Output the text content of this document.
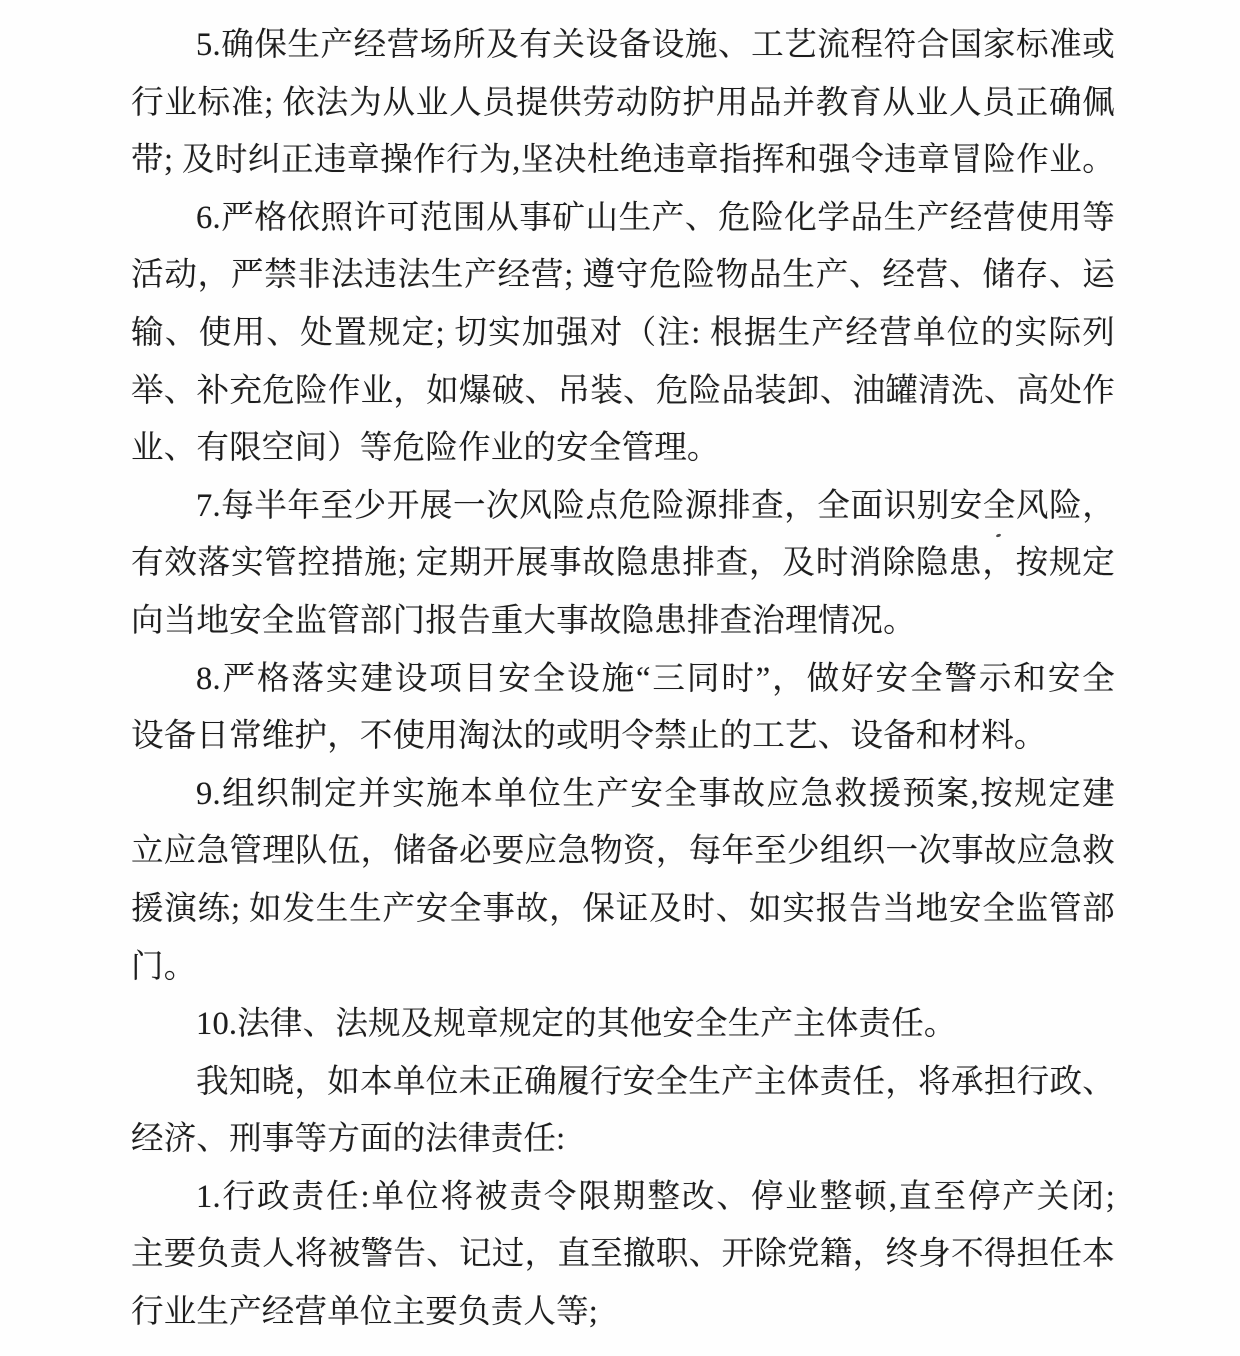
5.确保生产经营场所及有关设备设施、工艺流程符合国家标准或
行业标准; 依法为从业人员提供劳动防护用品并教育从业人员正确佩
带; 及时纠正违章操作行为,坚决杜绝违章指挥和强令违章冒险作业。
6.严格依照许可范围从事矿山生产、危险化学品生产经营使用等
活动，严禁非法违法生产经营; 遵守危险物品生产、经营、储存、运
输、使用、处置规定; 切实加强对（注: 根据生产经营单位的实际列
举、补充危险作业，如爆破、吊装、危险品装卸、油罐清洗、高处作
业、有限空间）等危险作业的安全管理。
7.每半年至少开展一次风险点危险源排查，全面识别安全风险，
有效落实管控措施; 定期开展事故隐患排查，及时消除隐患，按规定
向当地安全监管部门报告重大事故隐患排查治理情况。
8.严格落实建设项目安全设施“三同时”，做好安全警示和安全
设备日常维护，不使用淘汰的或明令禁止的工艺、设备和材料。
9.组织制定并实施本单位生产安全事故应急救援预案,按规定建
立应急管理队伍，储备必要应急物资，每年至少组织一次事故应急救
援演练; 如发生生产安全事故，保证及时、如实报告当地安全监管部
门。
10.法律、法规及规章规定的其他安全生产主体责任。
我知晓，如本单位未正确履行安全生产主体责任，将承担行政、
经济、刑事等方面的法律责任:
1.行政责任:单位将被责令限期整改、停业整顿,直至停产关闭;
主要负责人将被警告、记过，直至撤职、开除党籍，终身不得担任本
行业生产经营单位主要负责人等;
